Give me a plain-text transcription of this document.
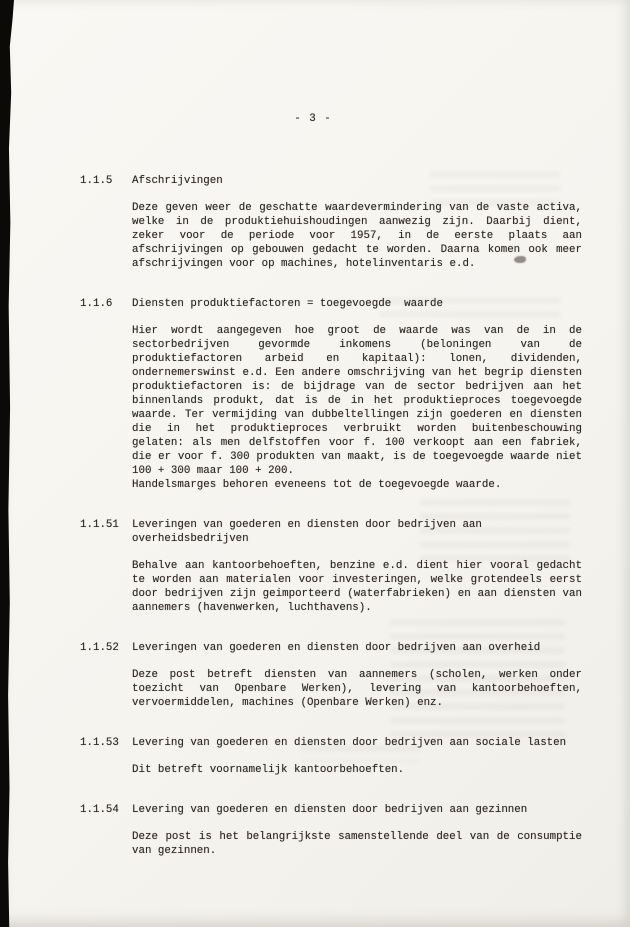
- 3 -
1.1.5	Afschrijvingen

Deze geven weer de geschatte waardevermindering van de vaste activa, welke in de produktiehuishoudingen aanwezig zijn. Daarbij dient, zeker voor de periode voor 1957, in de eerste plaats aan afschrijvingen op gebouwen gedacht te worden. Daarna komen ook meer afschrijvingen voor op machines, hotelinventaris e.d.

1.1.6	Diensten produktiefactoren = toegevoegde  waarde

Hier wordt aangegeven hoe groot de waarde was van de in de sectorbedrijven gevormde inkomens (beloningen van de produktiefactoren arbeid en kapitaal): lonen, dividenden, ondernemerswinst e.d. Een andere omschrijving van het begrip diensten produktiefactoren is: de bijdrage van de sector bedrijven aan het binnenlands produkt, dat is de in het produktieproces toegevoegde waarde. Ter vermijding van dubbeltellingen zijn goederen en diensten die in het produktieproces verbruikt worden buitenbeschouwing gelaten: als men delfstoffen voor f. 100 verkoopt aan een fabriek, die er voor f. 300 produkten van maakt, is de toegevoegde waarde niet 100 + 300 maar 100 + 200.

Handelsmarges behoren eveneens tot de toegevoegde waarde.

1.1.51	Leveringen van goederen en diensten door bedrijven aan overheidsbedrijven

Behalve aan kantoorbehoeften, benzine e.d. dient hier vooral gedacht te worden aan materialen voor investeringen, welke grotendeels eerst door bedrijven zijn geimporteerd (waterfabrieken) en aan diensten van aannemers (havenwerken, luchthavens).

1.1.52	Leveringen van goederen en diensten door bedrijven aan overheid

Deze post betreft diensten van aannemers (scholen, werken onder toezicht van Openbare Werken), levering van kantoorbehoeften, vervoermiddelen, machines (Openbare Werken) enz.

1.1.53	Levering van goederen en diensten door bedrijven aan sociale lasten

Dit betreft voornamelijk kantoorbehoeften.

1.1.54	Levering van goederen en diensten door bedrijven aan gezinnen

Deze post is het belangrijkste samenstellende deel van de consumptie van gezinnen.
